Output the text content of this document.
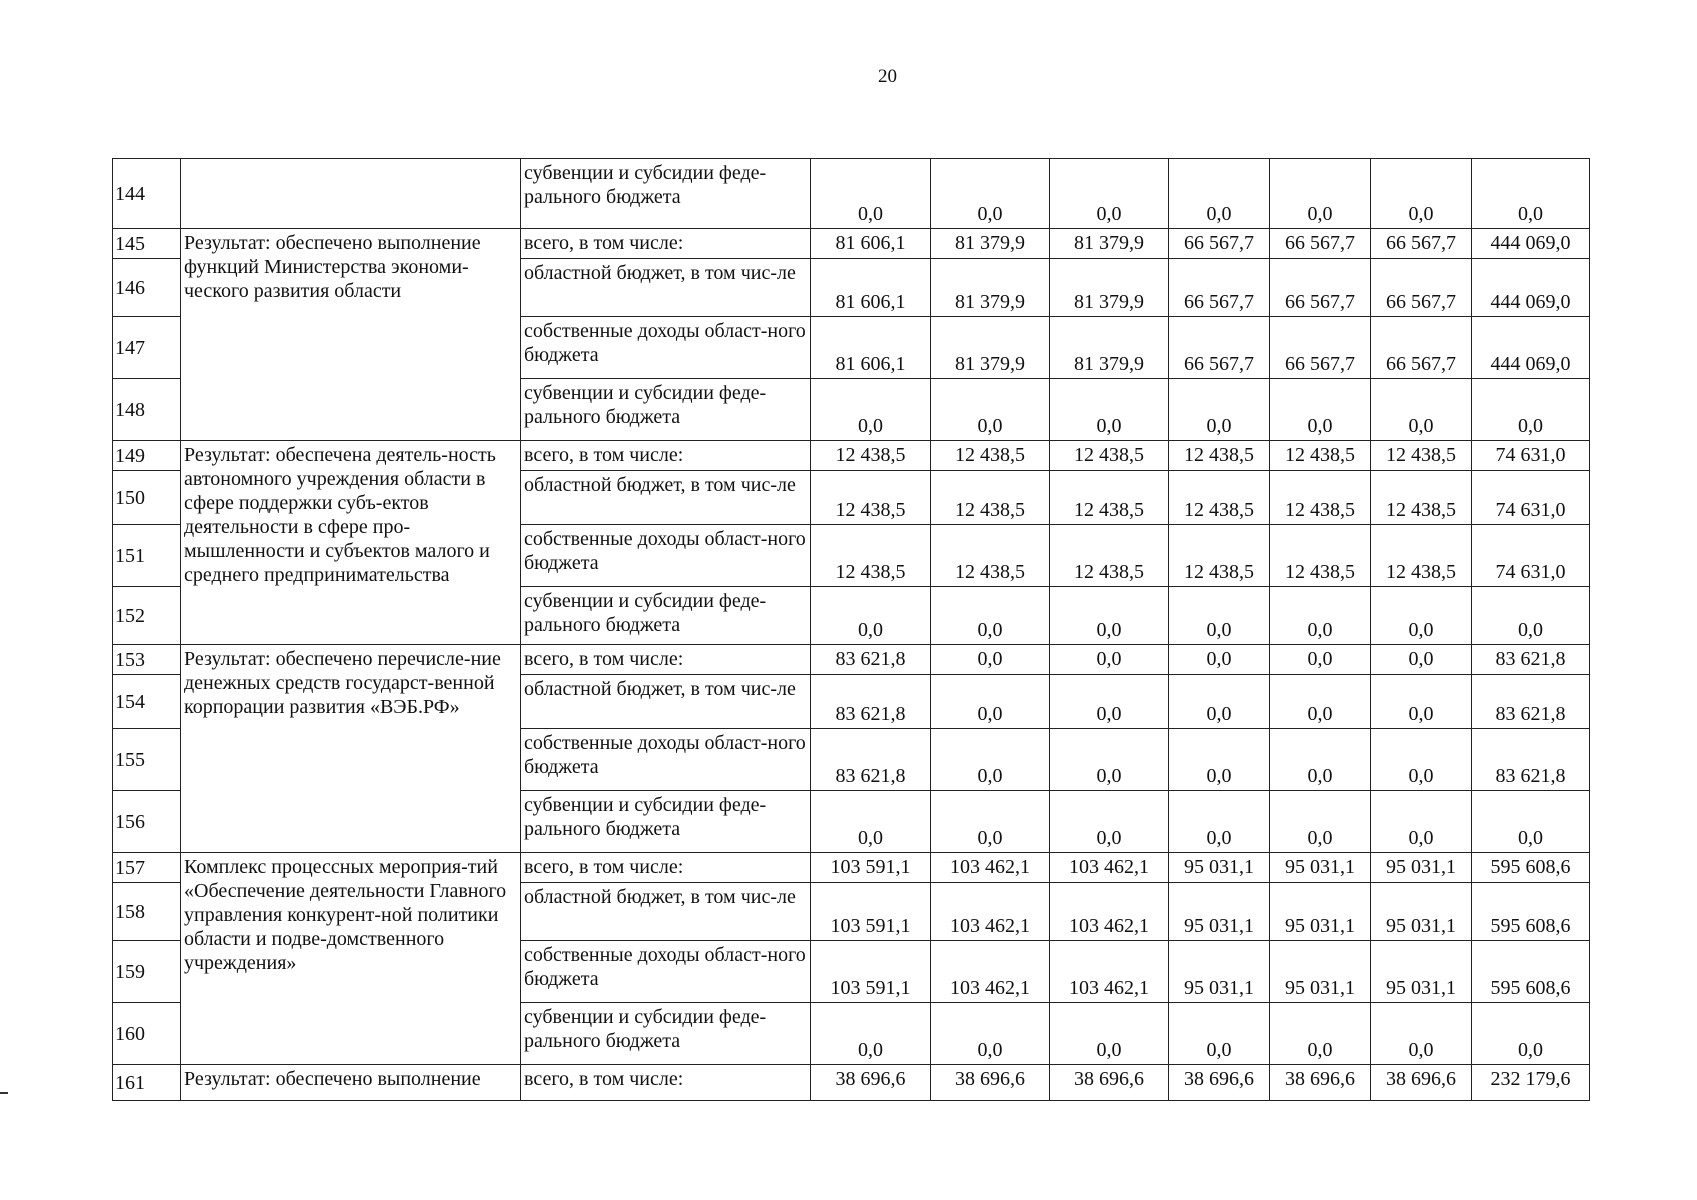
20
144		субвенции и субсидии феде-ральногo бюджета	0,0	0,0	0,0	0,0	0,0	0,0	0,0
145	Результат: обеспечено выполнение функций Министерства экономи-ческого развития области	всего, в том числе:	81 606,1	81 379,9	81 379,9	66 567,7	66 567,7	66 567,7	444 069,0
146		областной бюджет, в том чис-ле	81 606,1	81 379,9	81 379,9	66 567,7	66 567,7	66 567,7	444 069,0
147		собственные доходы област-ного бюджета	81 606,1	81 379,9	81 379,9	66 567,7	66 567,7	66 567,7	444 069,0
148		субвенции и субсидии феде-рального бюджета	0,0	0,0	0,0	0,0	0,0	0,0	0,0
149	Результат: обеспечена деятель-ность автономного учреждения области в сфере поддержки субъ-ектов деятельности в сфере про-мышленности и субъектов малого и среднего предпринимательства	всего, в том числе:	12 438,5	12 438,5	12 438,5	12 438,5	12 438,5	12 438,5	74 631,0
150		областной бюджет, в том чис-ле	12 438,5	12 438,5	12 438,5	12 438,5	12 438,5	12 438,5	74 631,0
151		собственные доходы област-ного бюджета	12 438,5	12 438,5	12 438,5	12 438,5	12 438,5	12 438,5	74 631,0
152		субвенции и субсидии феде-рального бюджета	0,0	0,0	0,0	0,0	0,0	0,0	0,0
153	Результат: обеспечено перечисле-ние денежных средств государст-венной корпорации развития «ВЭБ.РФ»	всего, в том числе:	83 621,8	0,0	0,0	0,0	0,0	0,0	83 621,8
154		областной бюджет, в том чис-ле	83 621,8	0,0	0,0	0,0	0,0	0,0	83 621,8
155		собственные доходы област-ного бюджета	83 621,8	0,0	0,0	0,0	0,0	0,0	83 621,8
156		субвенции и субсидии феде-рального бюджета	0,0	0,0	0,0	0,0	0,0	0,0	0,0
157	Комплекс процессных мероприя-тий «Обеспечение деятельности Главного управления конкурент-ной политики области и подве-домственного учреждения»	всего, в том числе:	103 591,1	103 462,1	103 462,1	95 031,1	95 031,1	95 031,1	595 608,6
158		областной бюджет, в том чис-ле	103 591,1	103 462,1	103 462,1	95 031,1	95 031,1	95 031,1	595 608,6
159		собственные доходы област-ного бюджета	103 591,1	103 462,1	103 462,1	95 031,1	95 031,1	95 031,1	595 608,6
160		субвенции и субсидии феде-рального бюджета	0,0	0,0	0,0	0,0	0,0	0,0	0,0
161	Результат: обеспечено выполнение	всего, в том числе:	38 696,6	38 696,6	38 696,6	38 696,6	38 696,6	38 696,6	232 179,6
